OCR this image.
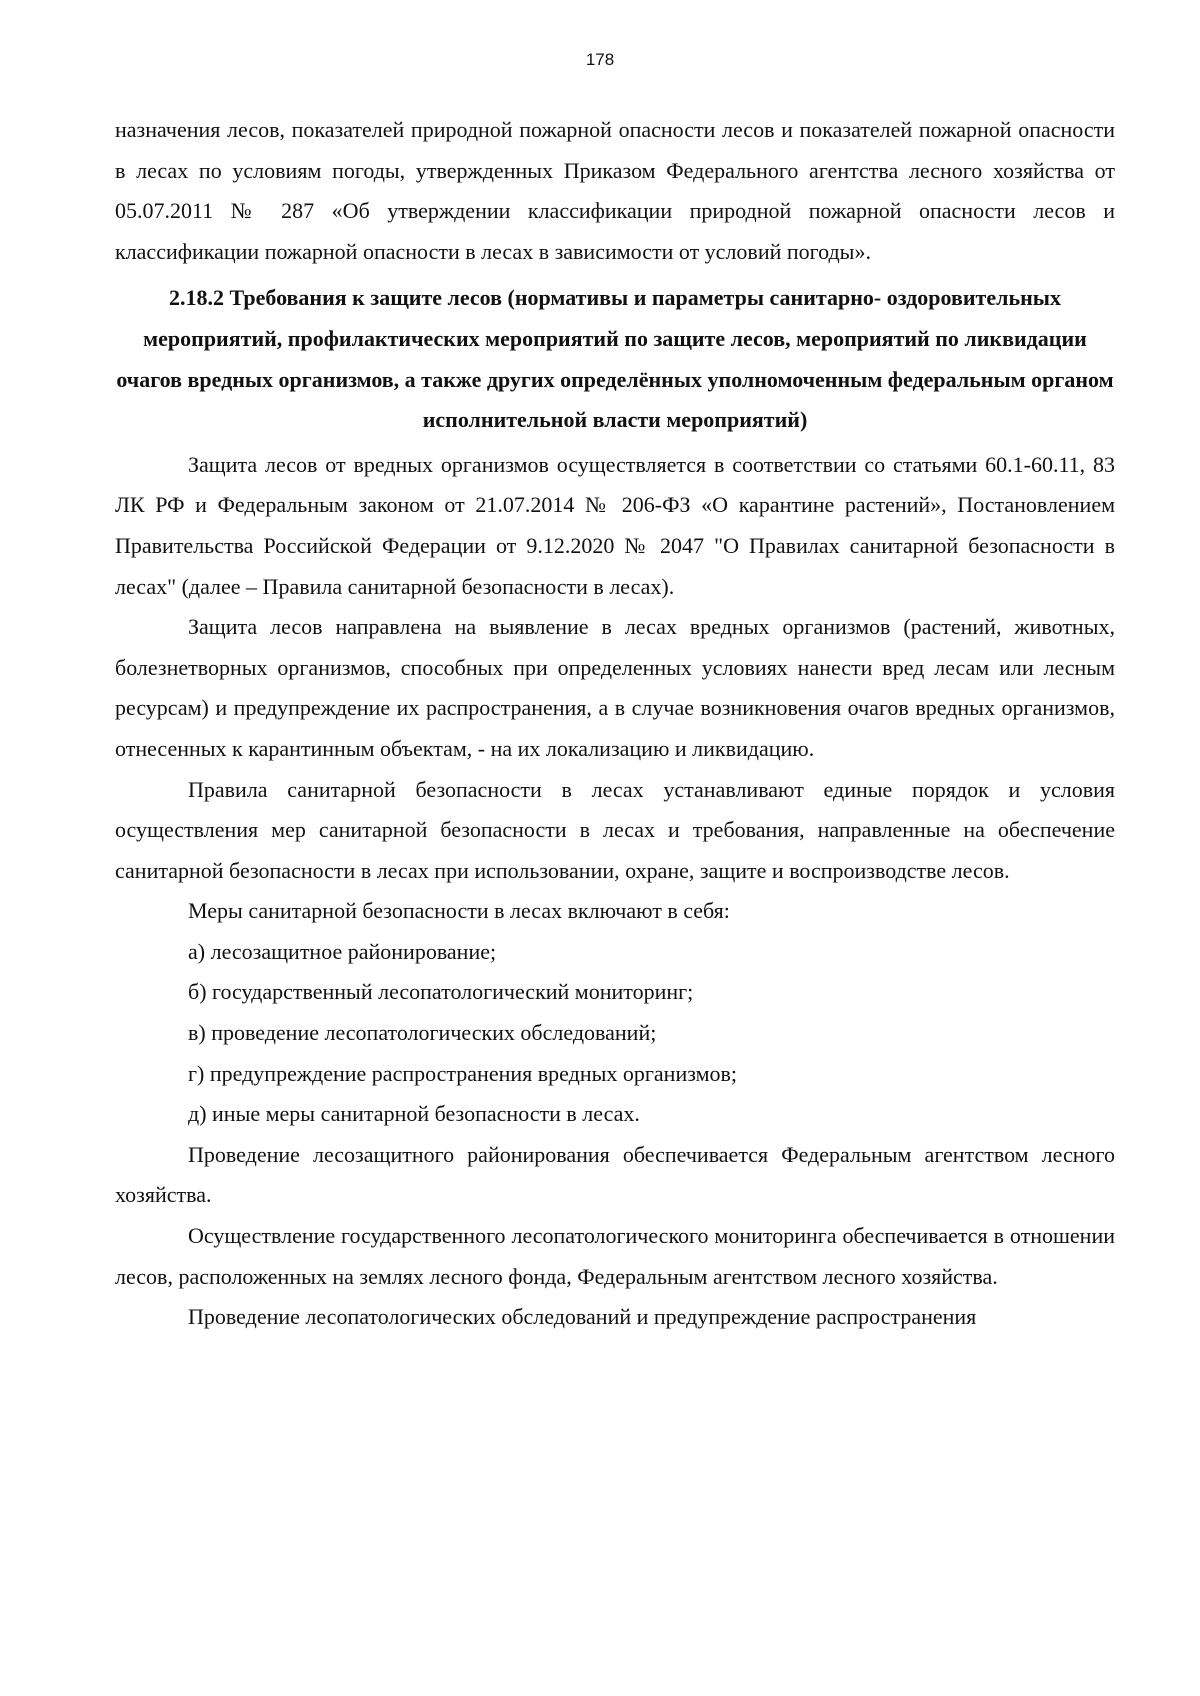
178

назначения лесов, показателей природной пожарной опасности лесов и показателей пожарной опасности в лесах по условиям погоды, утвержденных Приказом Федерального агентства лесного хозяйства от 05.07.2011 № 287 «Об утверждении классификации природной пожарной опасности лесов и классификации пожарной опасности в лесах в зависимости от условий погоды».

2.18.2 Требования к защите лесов (нормативы и параметры санитарно- оздоровительных мероприятий, профилактических мероприятий по защите лесов, мероприятий по ликвидации очагов вредных организмов, а также других определённых уполномоченным федеральным органом исполнительной власти мероприятий)

Защита лесов от вредных организмов осуществляется в соответствии со статьями 60.1-60.11, 83 ЛК РФ и Федеральным законом от 21.07.2014 № 206-ФЗ «О карантине растений», Постановлением Правительства Российской Федерации от 9.12.2020 № 2047 "О Правилах санитарной безопасности в лесах" (далее – Правила санитарной безопасности в лесах).

Защита лесов направлена на выявление в лесах вредных организмов (растений, животных, болезнетворных организмов, способных при определенных условиях нанести вред лесам или лесным ресурсам) и предупреждение их распространения, а в случае возникновения очагов вредных организмов, отнесенных к карантинным объектам, - на их локализацию и ликвидацию.

Правила санитарной безопасности в лесах устанавливают единые порядок и условия осуществления мер санитарной безопасности в лесах и требования, направленные на обеспечение санитарной безопасности в лесах при использовании, охране, защите и воспроизводстве лесов.

Меры санитарной безопасности в лесах включают в себя:

а) лесозащитное районирование;

б) государственный лесопатологический мониторинг;

в) проведение лесопатологических обследований;

г) предупреждение распространения вредных организмов;

д) иные меры санитарной безопасности в лесах.

Проведение лесозащитного районирования обеспечивается Федеральным агентством лесного хозяйства.

Осуществление государственного лесопатологического мониторинга обеспечивается в отношении лесов, расположенных на землях лесного фонда, Федеральным агентством лесного хозяйства.

Проведение лесопатологических обследований и предупреждение распространения
